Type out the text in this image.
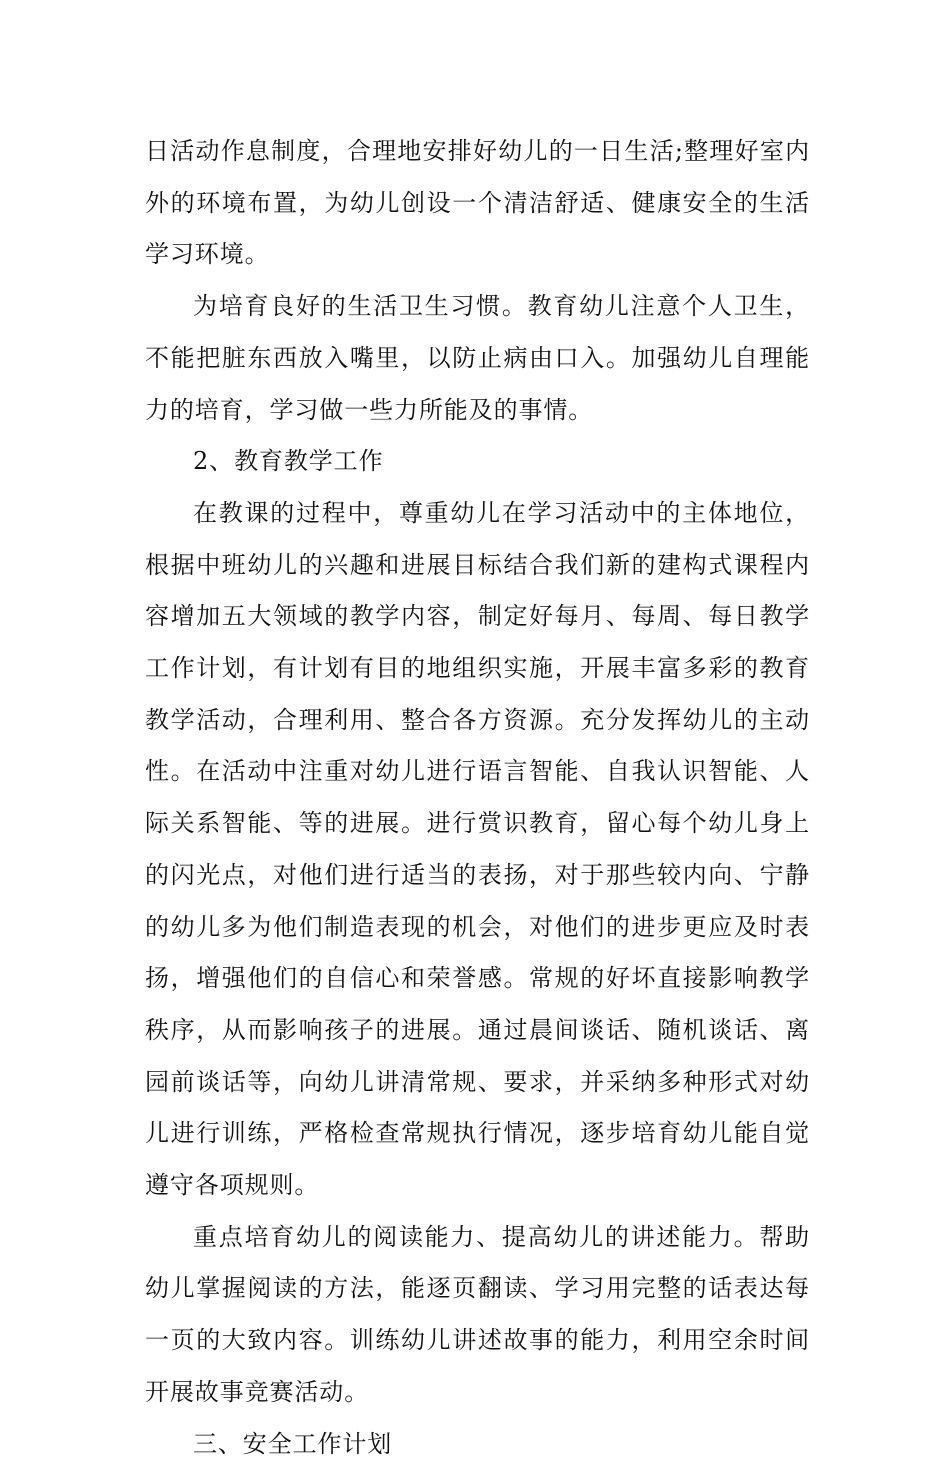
日活动作息制度，合理地安排好幼儿的一日生活;整理好室内外的环境布置，为幼儿创设一个清洁舒适、健康安全的生活学习环境。

为培育良好的生活卫生习惯。教育幼儿注意个人卫生，不能把脏东西放入嘴里，以防止病由口入。加强幼儿自理能力的培育，学习做一些力所能及的事情。

2、教育教学工作

在教课的过程中，尊重幼儿在学习活动中的主体地位，根据中班幼儿的兴趣和进展目标结合我们新的建构式课程内容增加五大领域的教学内容，制定好每月、每周、每日教学工作计划，有计划有目的地组织实施，开展丰富多彩的教育教学活动，合理利用、整合各方资源。充分发挥幼儿的主动性。在活动中注重对幼儿进行语言智能、自我认识智能、人际关系智能、等的进展。进行赏识教育，留心每个幼儿身上的闪光点，对他们进行适当的表扬，对于那些较内向、宁静的幼儿多为他们制造表现的机会，对他们的进步更应及时表扬，增强他们的自信心和荣誉感。常规的好坏直接影响教学秩序，从而影响孩子的进展。通过晨间谈话、随机谈话、离园前谈话等，向幼儿讲清常规、要求，并采纳多种形式对幼儿进行训练，严格检查常规执行情况，逐步培育幼儿能自觉遵守各项规则。

重点培育幼儿的阅读能力、提高幼儿的讲述能力。帮助幼儿掌握阅读的方法，能逐页翻读、学习用完整的话表达每一页的大致内容。训练幼儿讲述故事的能力，利用空余时间开展故事竞赛活动。

三、安全工作计划
